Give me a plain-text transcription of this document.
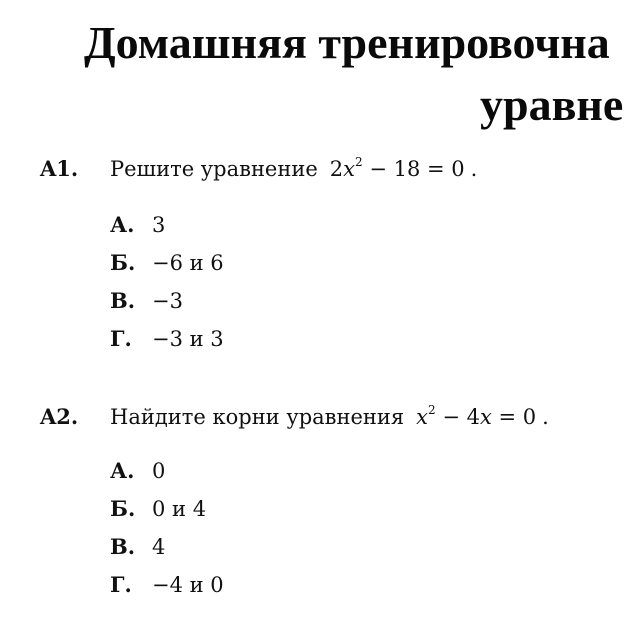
Домашняя тренировочна
уравне
A1. Решите уравнение $2x^2 - 18 = 0$ .
А. 3
Б. −6 и 6
В. −3
Г. −3 и 3
A2. Найдите корни уравнения $x^2 - 4x = 0$ .
А. 0
Б. 0 и 4
В. 4
Г. −4 и 0
